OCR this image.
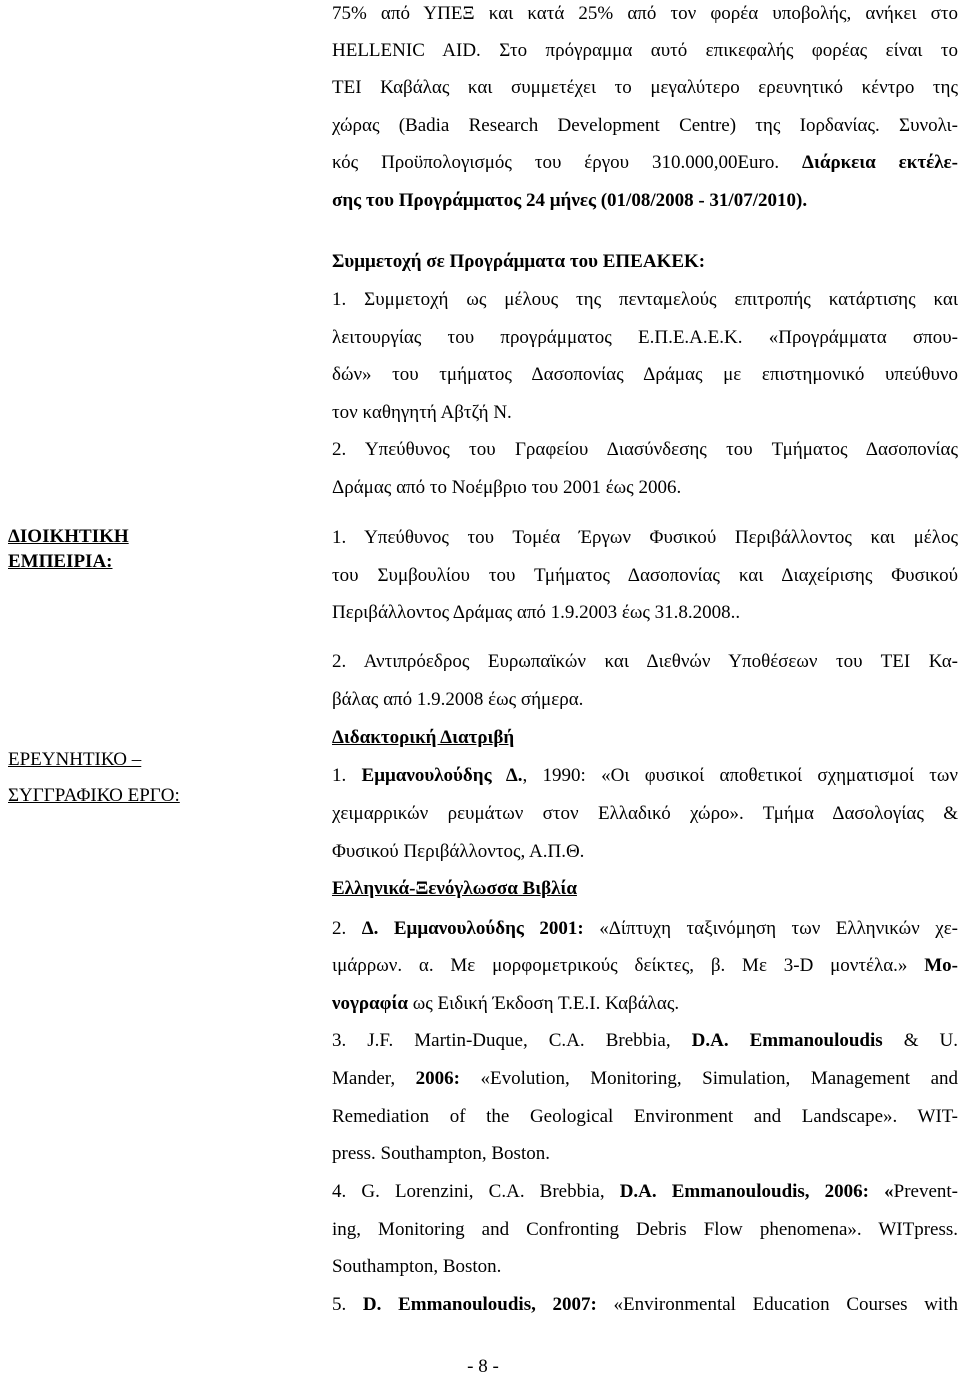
75% από ΥΠΕΞ και κατά 25% από τον φορέα υποβολής, ανήκει στο
HELLENIC AID. Στο πρόγραμμα αυτό επικεφαλής φορέας είναι το
ΤΕΙ Καβάλας και συμμετέχει το μεγαλύτερο ερευνητικό κέντρο της
χώρας (Badia Research Development Centre) της Ιορδανίας. Συνολι-
κός Προϋπολογισμός του έργου 310.000,00Euro. Διάρκεια εκτέλε-
σης του Προγράμματος 24 μήνες (01/08/2008 - 31/07/2010).
Συμμετοχή σε Προγράμματα του ΕΠΕΑΚΕΚ:
1. Συμμετοχή ως μέλους της πενταμελούς επιτροπής κατάρτισης και
λειτουργίας του προγράμματος Ε.Π.Ε.Α.Ε.Κ. «Προγράμματα σπου-
δών» του τμήματος Δασοπονίας Δράμας με επιστημονικό υπεύθυνο
τον καθηγητή Αβτζή Ν.
2. Υπεύθυνος του Γραφείου Διασύνδεσης του Τμήματος Δασοπονίας
Δράμας από το Νοέμβριο του 2001 έως 2006.
ΔΙΟΙΚΗΤΙΚΗ
ΕΜΠΕΙΡΙΑ:
1. Υπεύθυνος του Τομέα Έργων Φυσικού Περιβάλλοντος και μέλος
του Συμβουλίου του Τμήματος Δασοπονίας και Διαχείρισης Φυσικού
Περιβάλλοντος Δράμας από 1.9.2003 έως 31.8.2008..
2. Αντιπρόεδρος Ευρωπαϊκών και Διεθνών Υποθέσεων του ΤΕΙ Κα-
βάλας από 1.9.2008 έως σήμερα.
ΕΡΕΥΝΗΤΙΚΟ –
ΣΥΓΓΡΑΦΙΚΟ ΕΡΓΟ:
Διδακτορική Διατριβή
1. Εμμανουλούδης Δ., 1990: «Οι φυσικοί αποθετικοί σχηματισμοί των
χειμαρρικών ρευμάτων στον Ελλαδικό χώρο». Τμήμα Δασολογίας &
Φυσικού Περιβάλλοντος, Α.Π.Θ.
Ελληνικά-Ξενόγλωσσα Βιβλία
2. Δ. Εμμανουλούδης 2001: «Δίπτυχη ταξινόμηση των Ελληνικών χε-
ιμάρρων. α. Με μορφομετρικούς δείκτες, β. Με 3-D μοντέλα.» Μο-
νογραφία ως Ειδική Έκδοση Τ.Ε.Ι. Καβάλας.
3. J.F. Martin-Duque, C.A. Brebbia, D.A. Emmanouloudis & U.
Mander, 2006: «Evolution, Monitoring, Simulation, Management and
Remediation of the Geological Environment and Landscape». WIT-
press. Southampton, Boston.
4. G. Lorenzini, C.A. Brebbia, D.A. Emmanouloudis, 2006: «Prevent-
ing, Monitoring and Confronting Debris Flow phenomena». WITpress.
Southampton, Boston.
5. D. Emmanouloudis, 2007: «Environmental Education Courses with
- 8 -
